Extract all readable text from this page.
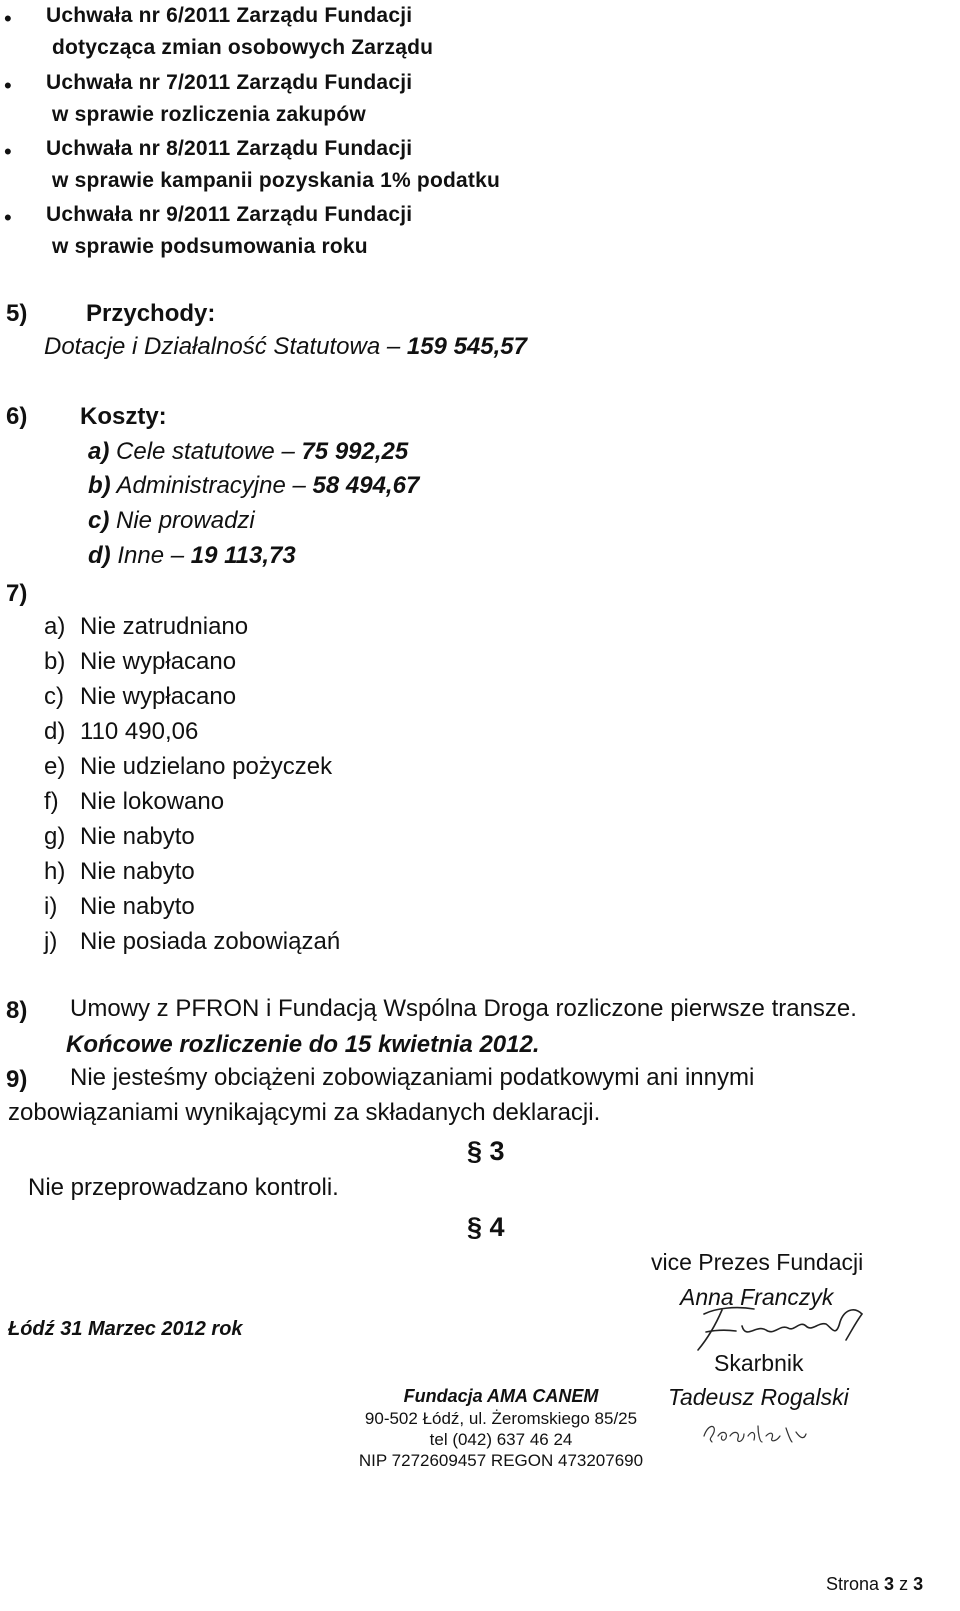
• Uchwała nr 6/2011 Zarządu Fundacji
dotycząca zmian osobowych Zarządu
• Uchwała nr 7/2011 Zarządu Fundacji
w sprawie rozliczenia zakupów
• Uchwała nr 8/2011 Zarządu Fundacji
w sprawie kampanii pozyskania 1% podatku
• Uchwała nr 9/2011 Zarządu Fundacji
w sprawie podsumowania roku
5) Przychody:
Dotacje i Działalność Statutowa – 159 545,57
6) Koszty:
a) Cele statutowe – 75 992,25
b) Administracyjne – 58 494,67
c) Nie prowadzi
d) Inne – 19 113,73
7)
a) Nie zatrudniano
b) Nie wypłacano
c) Nie wypłacano
d) 110 490,06
e) Nie udzielano pożyczek
f) Nie lokowano
g) Nie nabyto
h) Nie nabyto
i) Nie nabyto
j) Nie posiada zobowiązań
8) Umowy z PFRON i Fundacją Wspólna Droga rozliczone pierwsze transze.
Końcowe rozliczenie do 15 kwietnia 2012.
9) Nie jesteśmy obciążeni zobowiązaniami podatkowymi ani innymi
zobowiązaniami wynikającymi za składanych deklaracji.
§ 3
Nie przeprowadzano kontroli.
§ 4
vice Prezes Fundacji
Anna Franczyk
Skarbnik
Tadeusz Rogalski
Łódź 31 Marzec 2012 rok
Fundacja AMA CANEM
90-502 Łódź, ul. Żeromskiego 85/25
tel (042) 637 46 24
NIP 7272609457 REGON 473207690
Strona 3 z 3
